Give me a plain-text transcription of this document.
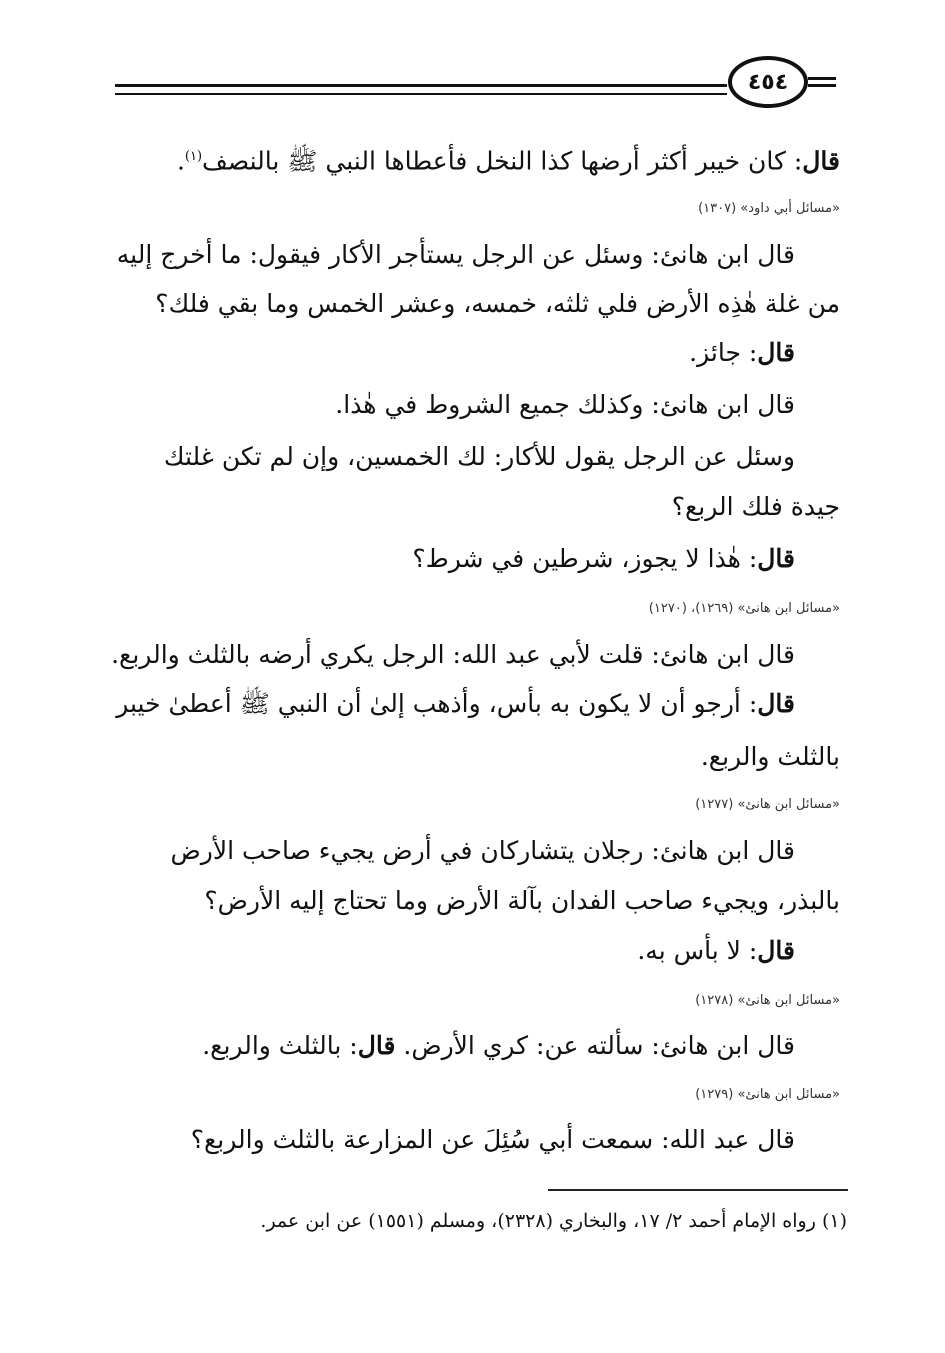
٤٥٤
قال: كان خيبر أكثر أرضها كذا النخل فأعطاها النبي ﷺ بالنصف$^{(١)}$.
«مسائل أبي داود» (١٣٠٧)
قال ابن هانئ: وسئل عن الرجل يستأجر الأكار فيقول: ما أخرج إليه
من غلة هٰذِه الأرض فلي ثلثه، خمسه، وعشر الخمس وما بقي فلك؟
قال: جائز.
قال ابن هانئ: وكذلك جميع الشروط في هٰذا.
وسئل عن الرجل يقول للأكار: لك الخمسين، وإن لم تكن غلتك
جيدة فلك الربع؟
قال: هٰذا لا يجوز، شرطين في شرط؟
«مسائل ابن هانئ» (١٢٦٩)، (١٢٧٠)
قال ابن هانئ: قلت لأبي عبد الله: الرجل يكري أرضه بالثلث والربع.
قال: أرجو أن لا يكون به بأس، وأذهب إلىٰ أن النبي ﷺ أعطىٰ خيبر
بالثلث والربع.
«مسائل ابن هانئ» (١٢٧٧)
قال ابن هانئ: رجلان يتشاركان في أرض يجيء صاحب الأرض
بالبذر، ويجيء صاحب الفدان بآلة الأرض وما تحتاج إليه الأرض؟
قال: لا بأس به.
«مسائل ابن هانئ» (١٢٧٨)
قال ابن هانئ: سألته عن: كري الأرض. قال: بالثلث والربع.
«مسائل ابن هانئ» (١٢٧٩)
قال عبد الله: سمعت أبي سُئِلَ عن المزارعة بالثلث والربع؟
(١) رواه الإمام أحمد ٢/ ١٧، والبخاري (٢٣٢٨)، ومسلم (١٥٥١) عن ابن عمر.
